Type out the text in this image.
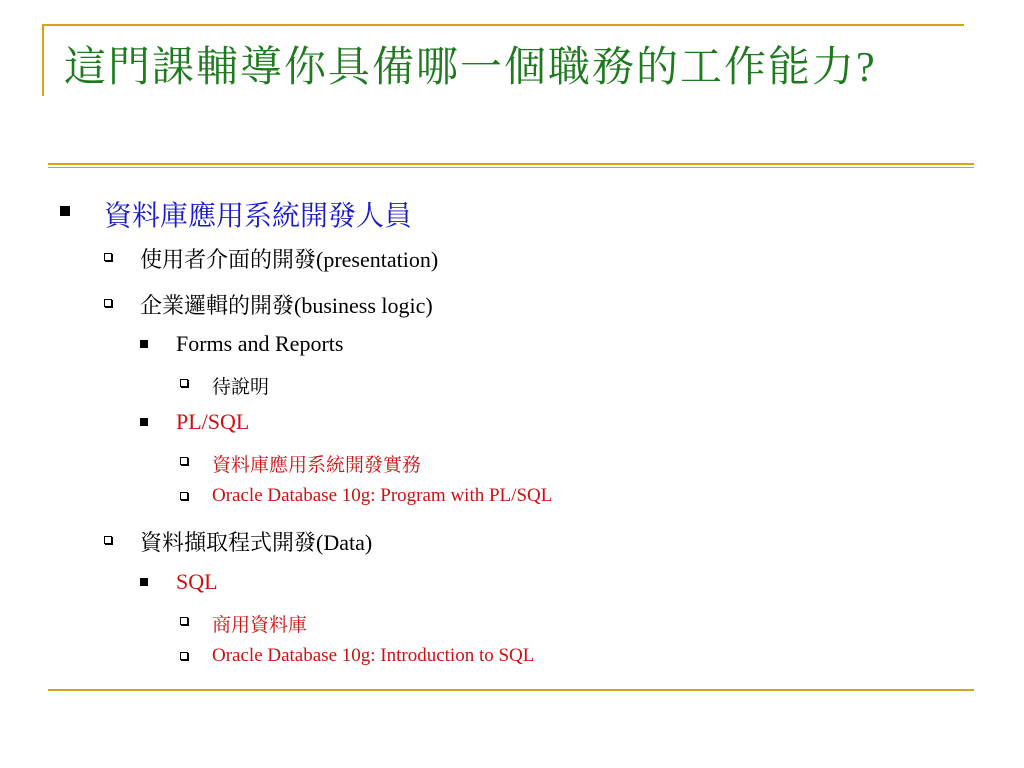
這門課輔導你具備哪一個職務的工作能力?
資料庫應用系統開發人員
使用者介面的開發(presentation)
企業邏輯的開發(business logic)
Forms and Reports
待說明
PL/SQL
資料庫應用系統開發實務
Oracle Database 10g: Program with PL/SQL
資料擷取程式開發(Data)
SQL
商用資料庫
Oracle Database 10g: Introduction to SQL
